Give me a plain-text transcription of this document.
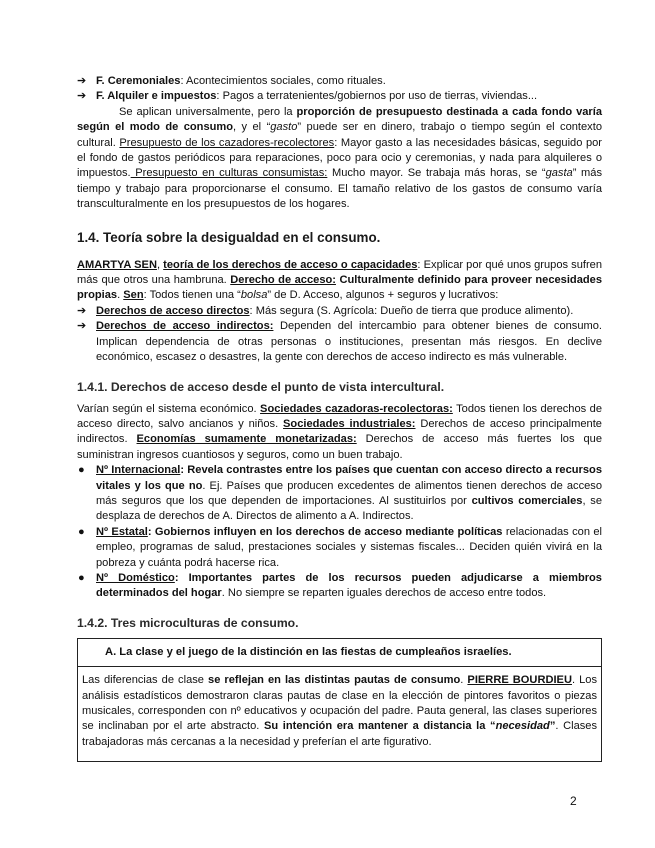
➔ F. Ceremoniales: Acontecimientos sociales, como rituales.
➔ F. Alquiler e impuestos: Pagos a terratenientes/gobiernos por uso de tierras, viviendas...

Se aplican universalmente, pero la proporción de presupuesto destinada a cada fondo varía según el modo de consumo, y el “gasto” puede ser en dinero, trabajo o tiempo según el contexto cultural. Presupuesto de los cazadores-recolectores: Mayor gasto a las necesidades básicas, seguido por el fondo de gastos periódicos para reparaciones, poco para ocio y ceremonias, y nada para alquileres o impuestos. Presupuesto en culturas consumistas: Mucho mayor. Se trabaja más horas, se “gasta” más tiempo y trabajo para proporcionarse el consumo. El tamaño relativo de los gastos de consumo varía transculturalmente en los presupuestos de los hogares.

1.4. Teoría sobre la desigualdad en el consumo.

AMARTYA SEN, teoría de los derechos de acceso o capacidades: Explicar por qué unos grupos sufren más que otros una hambruna. Derecho de acceso: Culturalmente definido para proveer necesidades propias. Sen: Todos tienen una “bolsa” de D. Acceso, algunos + seguros y lucrativos:

➔ Derechos de acceso directos: Más segura (S. Agrícola: Dueño de tierra que produce alimento).
➔ Derechos de acceso indirectos: Dependen del intercambio para obtener bienes de consumo. Implican dependencia de otras personas o instituciones, presentan más riesgos. En declive económico, escasez o desastres, la gente con derechos de acceso indirecto es más vulnerable.
1.4.1. Derechos de acceso desde el punto de vista intercultural.

Varían según el sistema económico. Sociedades cazadoras-recolectoras: Todos tienen los derechos de acceso directo, salvo ancianos y niños. Sociedades industriales: Derechos de acceso principalmente indirectos. Economías sumamente monetarizadas: Derechos de acceso más fuertes los que suministran ingresos cuantiosos y seguros, como un buen trabajo.

● Nº Internacional: Revela contrastes entre los países que cuentan con acceso directo a recursos vitales y los que no. Ej. Países que producen excedentes de alimentos tienen derechos de acceso más seguros que los que dependen de importaciones. Al sustituirlos por cultivos comerciales, se desplaza de derechos de A. Directos de alimento a A. Indirectos.
● Nº Estatal: Gobiernos influyen en los derechos de acceso mediante políticas relacionadas con el empleo, programas de salud, prestaciones sociales y sistemas fiscales... Deciden quién vivirá en la pobreza y cuánta podrá hacerse rica.
● Nº Doméstico: Importantes partes de los recursos pueden adjudicarse a miembros determinados del hogar. No siempre se reparten iguales derechos de acceso entre todos.
1.4.2. Tres microculturas de consumo.
A. La clase y el juego de la distinción en las fiestas de cumpleaños israelíes.
Las diferencias de clase se reflejan en las distintas pautas de consumo. PIERRE BOURDIEU. Los análisis estadísticos demostraron claras pautas de clase en la elección de pintores favoritos o piezas musicales, corresponden con nº educativos y ocupación del padre. Pauta general, las clases superiores se inclinaban por el arte abstracto. Su intención era mantener a distancia la “necesidad”. Clases trabajadoras más cercanas a la necesidad y preferían el arte figurativo.
2
